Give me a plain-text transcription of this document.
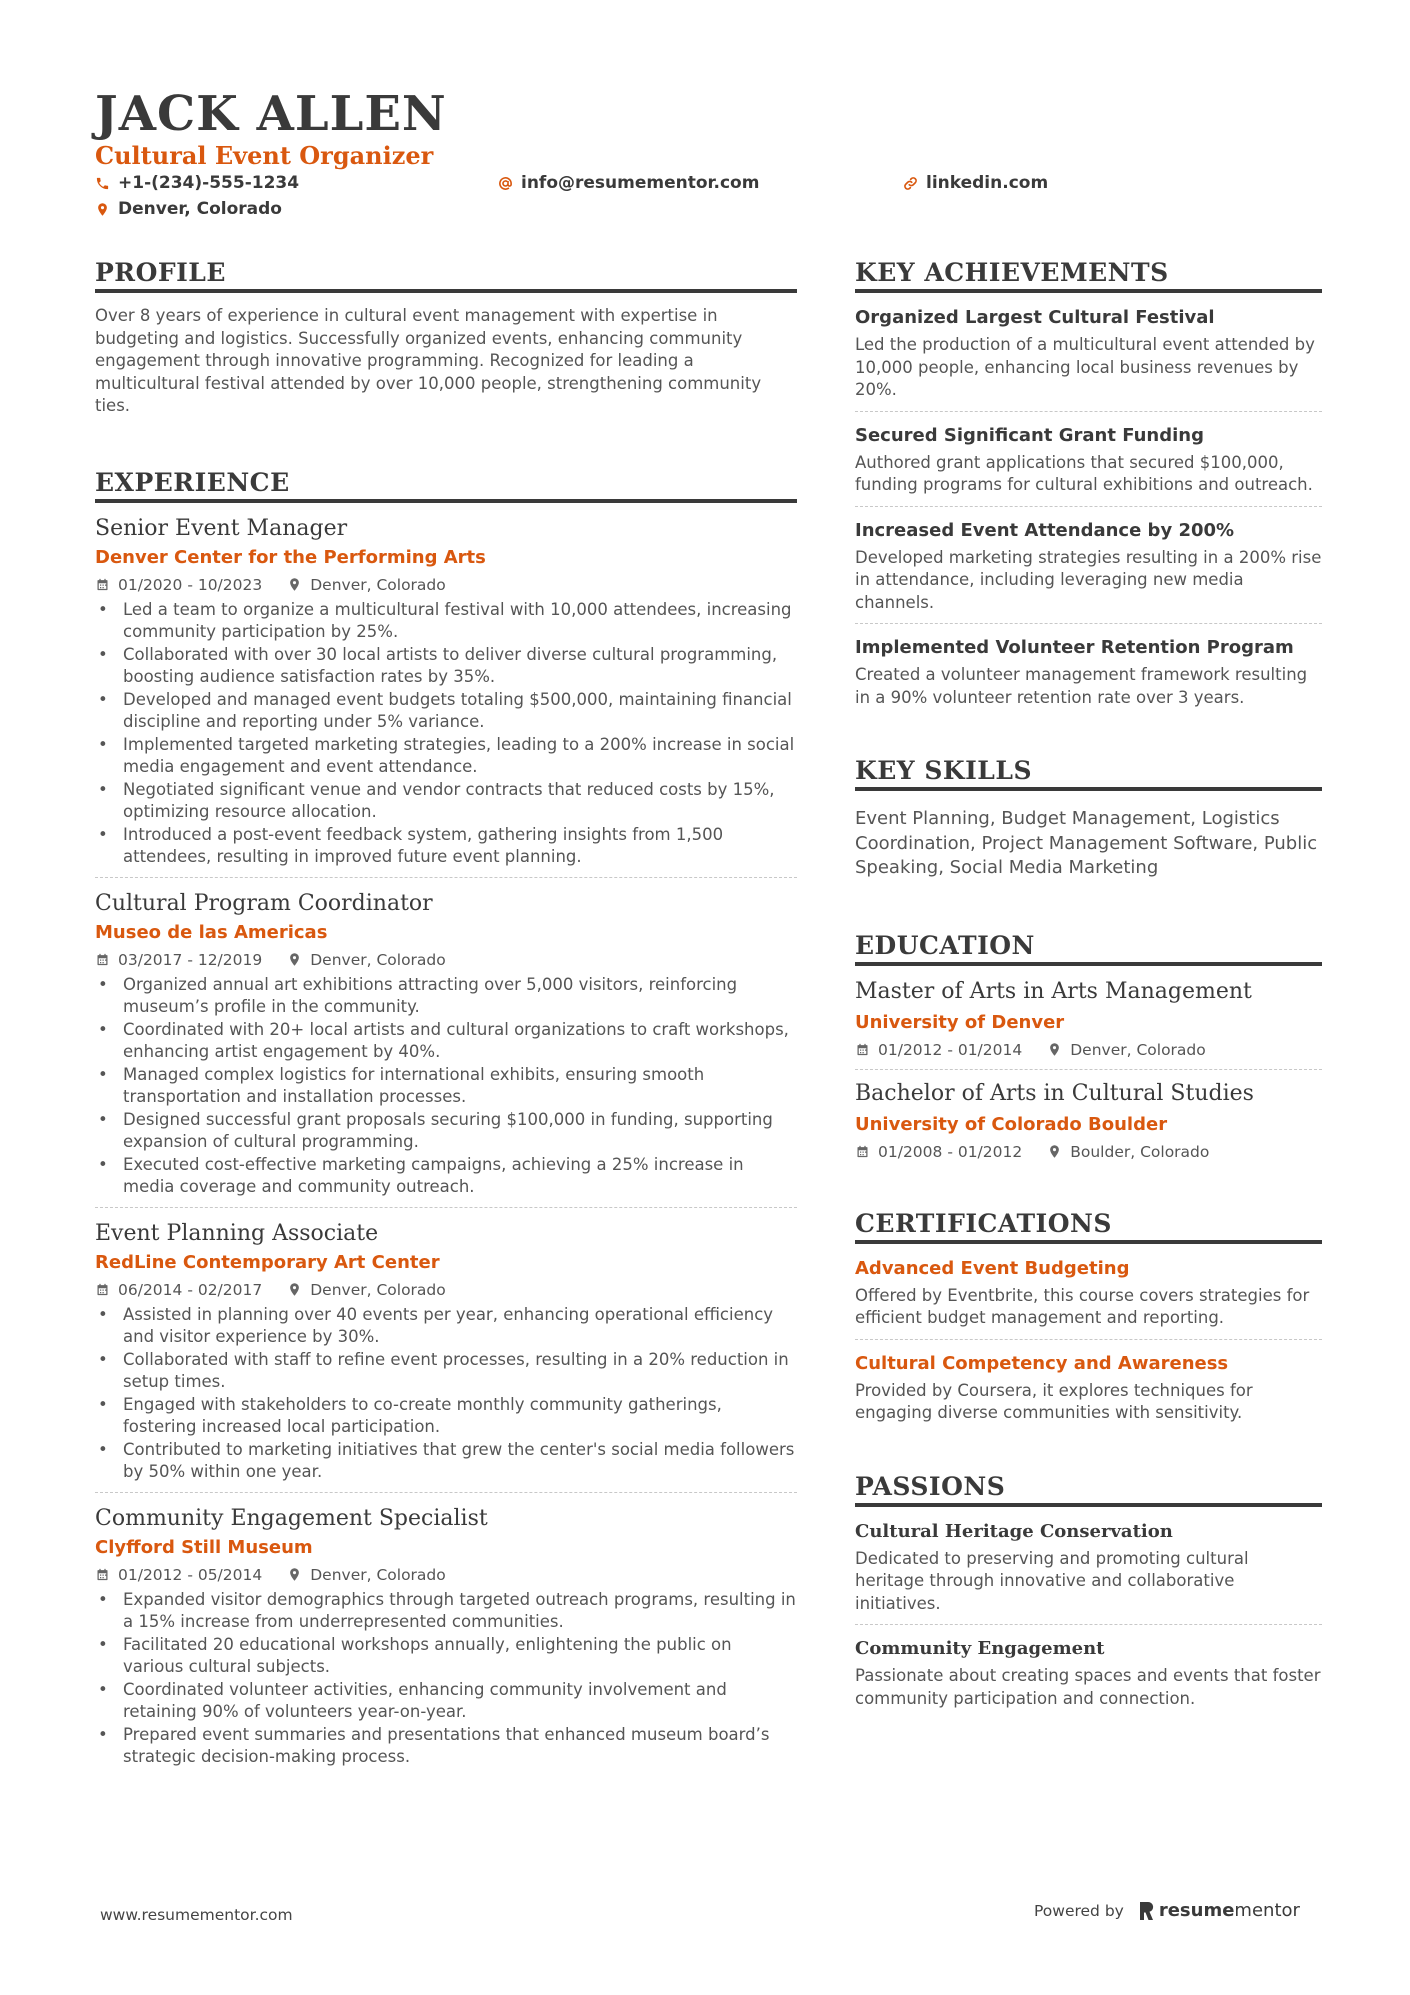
JACK ALLEN
Cultural Event Organizer
+1-(234)-555-1234	info@resumementor.com	linkedin.com
Denver, Colorado
PROFILE

Over 8 years of experience in cultural event management with expertise in budgeting and logistics. Successfully organized events, enhancing community engagement through innovative programming. Recognized for leading a multicultural festival attended by over 10,000 people, strengthening community ties.

EXPERIENCE
Senior Event Manager
Denver Center for the Performing Arts
01/2020 - 10/2023	Denver, Colorado
• Led a team to organize a multicultural festival with 10,000 attendees, increasing community participation by 25%.
• Collaborated with over 30 local artists to deliver diverse cultural programming, boosting audience satisfaction rates by 35%.
• Developed and managed event budgets totaling $500,000, maintaining financial discipline and reporting under 5% variance.
• Implemented targeted marketing strategies, leading to a 200% increase in social media engagement and event attendance.
• Negotiated significant venue and vendor contracts that reduced costs by 15%, optimizing resource allocation.
• Introduced a post-event feedback system, gathering insights from 1,500 attendees, resulting in improved future event planning.
Cultural Program Coordinator
Museo de las Americas
03/2017 - 12/2019	Denver, Colorado
• Organized annual art exhibitions attracting over 5,000 visitors, reinforcing museum’s profile in the community.
• Coordinated with 20+ local artists and cultural organizations to craft workshops, enhancing artist engagement by 40%.
• Managed complex logistics for international exhibits, ensuring smooth transportation and installation processes.
• Designed successful grant proposals securing $100,000 in funding, supporting expansion of cultural programming.
• Executed cost-effective marketing campaigns, achieving a 25% increase in media coverage and community outreach.
Event Planning Associate
RedLine Contemporary Art Center
06/2014 - 02/2017	Denver, Colorado
• Assisted in planning over 40 events per year, enhancing operational efficiency and visitor experience by 30%.
• Collaborated with staff to refine event processes, resulting in a 20% reduction in setup times.
• Engaged with stakeholders to co-create monthly community gatherings, fostering increased local participation.
• Contributed to marketing initiatives that grew the center's social media followers by 50% within one year.
Community Engagement Specialist
Clyfford Still Museum
01/2012 - 05/2014	Denver, Colorado
• Expanded visitor demographics through targeted outreach programs, resulting in a 15% increase from underrepresented communities.
• Facilitated 20 educational workshops annually, enlightening the public on various cultural subjects.
• Coordinated volunteer activities, enhancing community involvement and retaining 90% of volunteers year-on-year.
• Prepared event summaries and presentations that enhanced museum board’s strategic decision-making process.
KEY ACHIEVEMENTS
Organized Largest Cultural Festival
Led the production of a multicultural event attended by 10,000 people, enhancing local business revenues by 20%.
Secured Significant Grant Funding
Authored grant applications that secured $100,000, funding programs for cultural exhibitions and outreach.
Increased Event Attendance by 200%
Developed marketing strategies resulting in a 200% rise in attendance, including leveraging new media channels.
Implemented Volunteer Retention Program
Created a volunteer management framework resulting in a 90% volunteer retention rate over 3 years.
KEY SKILLS

Event Planning, Budget Management, Logistics Coordination, Project Management Software, Public Speaking, Social Media Marketing

EDUCATION
Master of Arts in Arts Management
University of Denver
01/2012 - 01/2014	Denver, Colorado
Bachelor of Arts in Cultural Studies
University of Colorado Boulder
01/2008 - 01/2012	Boulder, Colorado
CERTIFICATIONS
Advanced Event Budgeting
Offered by Eventbrite, this course covers strategies for efficient budget management and reporting.
Cultural Competency and Awareness
Provided by Coursera, it explores techniques for engaging diverse communities with sensitivity.
PASSIONS
Cultural Heritage Conservation
Dedicated to preserving and promoting cultural heritage through innovative and collaborative initiatives.
Community Engagement
Passionate about creating spaces and events that foster community participation and connection.
www.resumementor.com	Powered by resume mentor
